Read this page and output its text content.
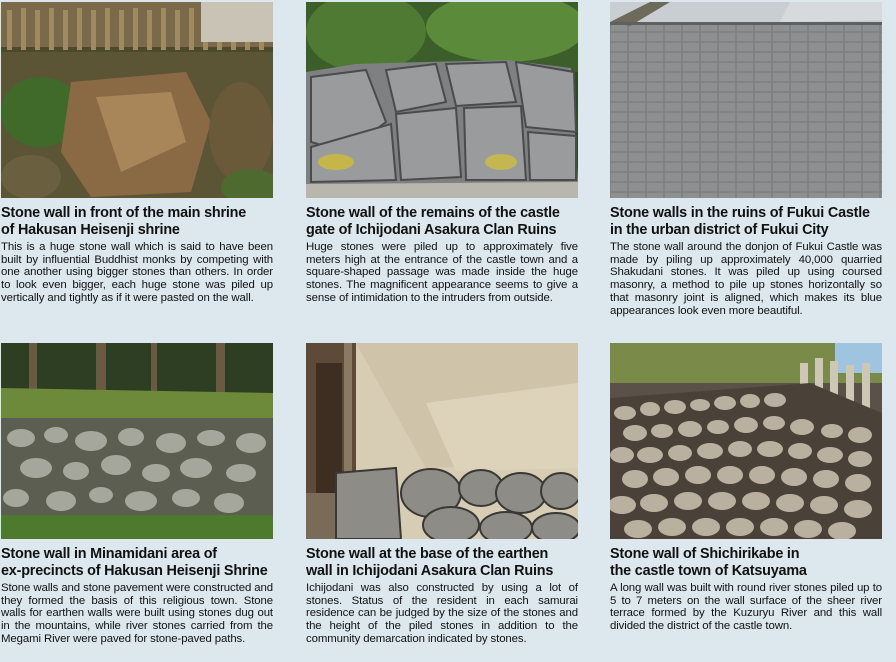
Stone wall in front of the main shrine
of Hakusan Heisenji shrine
This is a huge stone wall which is said to have been built by influential Buddhist monks by competing with one another using bigger stones than others. In order to look even bigger, each huge stone was piled up vertically and tightly as if it were pasted on the wall.
Stone wall of the remains of the castle
gate of Ichijodani Asakura Clan Ruins
Huge stones were piled up to approximately five meters high at the entrance of the castle town and a square-shaped passage was made inside the huge stones. The magnificent appearance seems to give a sense of intimidation to the intruders from outside.
Stone walls in the ruins of Fukui Castle
in the urban district of Fukui City
The stone wall around the donjon of Fukui Castle was made by piling up approximately 40,000 quarried Shakudani stones. It was piled up using coursed masonry, a method to pile up stones horizontally so that masonry joint is aligned, which makes its blue appearances look even more beautiful.
Stone wall in Minamidani area of
ex-precincts of Hakusan Heisenji Shrine
Stone walls and stone pavement were constructed and they formed the basis of this religious town. Stone walls for earthen walls were built using stones dug out in the mountains, while river stones carried from the Megami River were paved for stone-paved paths.
Stone wall at the base of the earthen
wall in Ichijodani Asakura Clan Ruins
Ichijodani was also constructed by using a lot of stones. Status of the resident in each samurai residence can be judged by the size of the stones and the height of the piled stones in addition to the community demarcation indicated by stones.
Stone wall of Shichirikabe in
the castle town of Katsuyama
A long wall was built with round river stones piled up to 5 to 7 meters on the wall surface of the sheer river terrace formed by the Kuzuryu River and this wall divided the district of the castle town.
